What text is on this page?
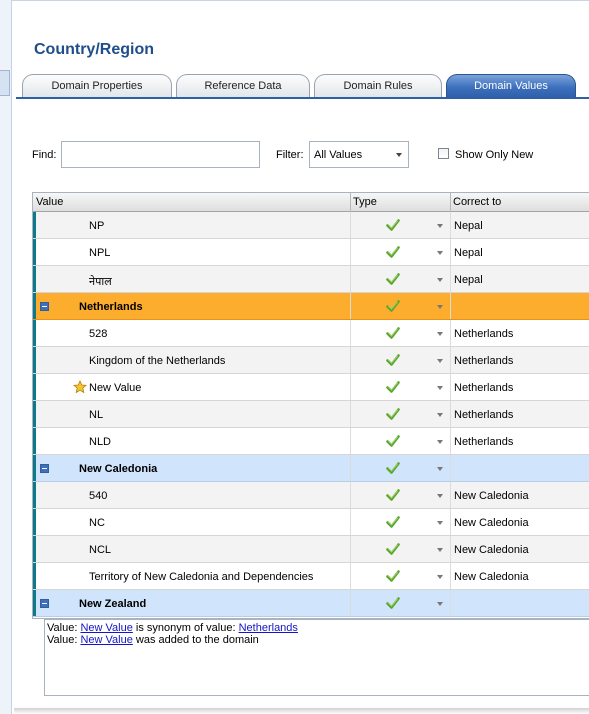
Country/Region
Domain Properties	Reference Data	Domain Rules	Domain Values
Find:	Filter: All Values	Show Only New
Value	Type	Correct to
NP	Nepal
NPL	Nepal
नेपाल	Nepal
Netherlands
528	Netherlands
Kingdom of the Netherlands	Netherlands
New Value	Netherlands
NL	Netherlands
NLD	Netherlands
New Caledonia
540	New Caledonia
NC	New Caledonia
NCL	New Caledonia
Territory of New Caledonia and Dependencies	New Caledonia
New Zealand
Value: New Value is synonym of value: Netherlands
Value: New Value was added to the domain
